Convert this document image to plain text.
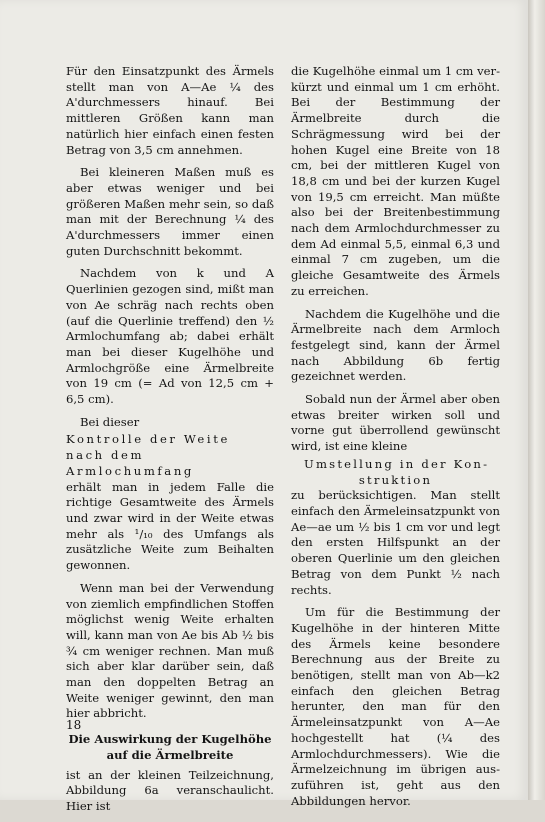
Für den Einsatzpunkt des Ärmels stellt man von A—Ae ¼ des A'durchmessers hinauf. Bei mittleren Größen kann man natürlich hier einfach einen festen Betrag von 3,5 cm annehmen.

Bei kleineren Maßen muß es aber etwas weniger und bei größeren Maßen mehr sein, so daß man mit der Berechnung ¼ des A'durchmessers immer einen guten Durchschnitt bekommt.

Nachdem von k und A Querlinien gezogen sind, mißt man von Ae schräg nach rechts oben (auf die Querlinie treffend) den ½ Armlochumfang ab; dabei erhält man bei dieser Kugelhöhe und Armlochgröße eine Ärmelbreite von 19 cm (= Ad von 12,5 cm + 6,5 cm).

Bei dieser

Kontrolle der Weite nach dem Armlochumfang

erhält man in jedem Falle die richtige Gesamtweite des Ärmels und zwar wird in der Weite etwas mehr als ¹/₁₀ des Umfangs als zusätzliche Weite zum Beihalten gewonnen.

Wenn man bei der Verwendung von ziemlich empfindlichen Stoffen möglichst wenig Weite erhalten will, kann man von Ae bis Ab ½ bis ¾ cm weniger rechnen. Man muß sich aber klar darüber sein, daß man den doppelten Betrag an Weite weniger gewinnt, den man hier abbricht.

Die Auswirkung der Kugelhöhe auf die Ärmelbreite

ist an der kleinen Teilzeichnung, Abbildung 6a veranschaulicht. Hier ist

die Kugelhöhe einmal um 1 cm verkürzt und einmal um 1 cm erhöht. Bei der Bestimmung der Ärmelbreite durch die Schrägmessung wird bei der hohen Kugel eine Breite von 18 cm, bei der mittleren Kugel von 18,8 cm und bei der kurzen Kugel von 19,5 cm erreicht. Man müßte also bei der Breitenbestimmung nach dem Armlochdurchmesser zu dem Ad einmal 5,5, einmal 6,3 und einmal 7 cm zugeben, um die gleiche Gesamtweite des Ärmels zu erreichen.

Nachdem die Kugelhöhe und die Ärmelbreite nach dem Armloch festgelegt sind, kann der Ärmel nach Abbildung 6b fertig gezeichnet werden.

Sobald nun der Ärmel aber oben etwas breiter wirken soll und vorne gut überrollend gewünscht wird, ist eine kleine

Umstellung in der Konstruktion

zu berücksichtigen. Man stellt einfach den Ärmeleinsatzpunkt von Ae—ae um ½ bis 1 cm vor und legt den ersten Hilfspunkt an der oberen Querlinie um den gleichen Betrag von dem Punkt ½ nach rechts.

Um für die Bestimmung der Kugelhöhe in der hinteren Mitte des Ärmels keine besondere Berechnung aus der Breite zu benötigen, stellt man von Ab—k2 einfach den gleichen Betrag herunter, den man für den Ärmeleinsatzpunkt von A—Ae hochgestellt hat (¼ des Armlochdurchmessers). Wie die Ärmelzeichnung im übrigen auszuführen ist, geht aus den Abbildungen hervor.

18
